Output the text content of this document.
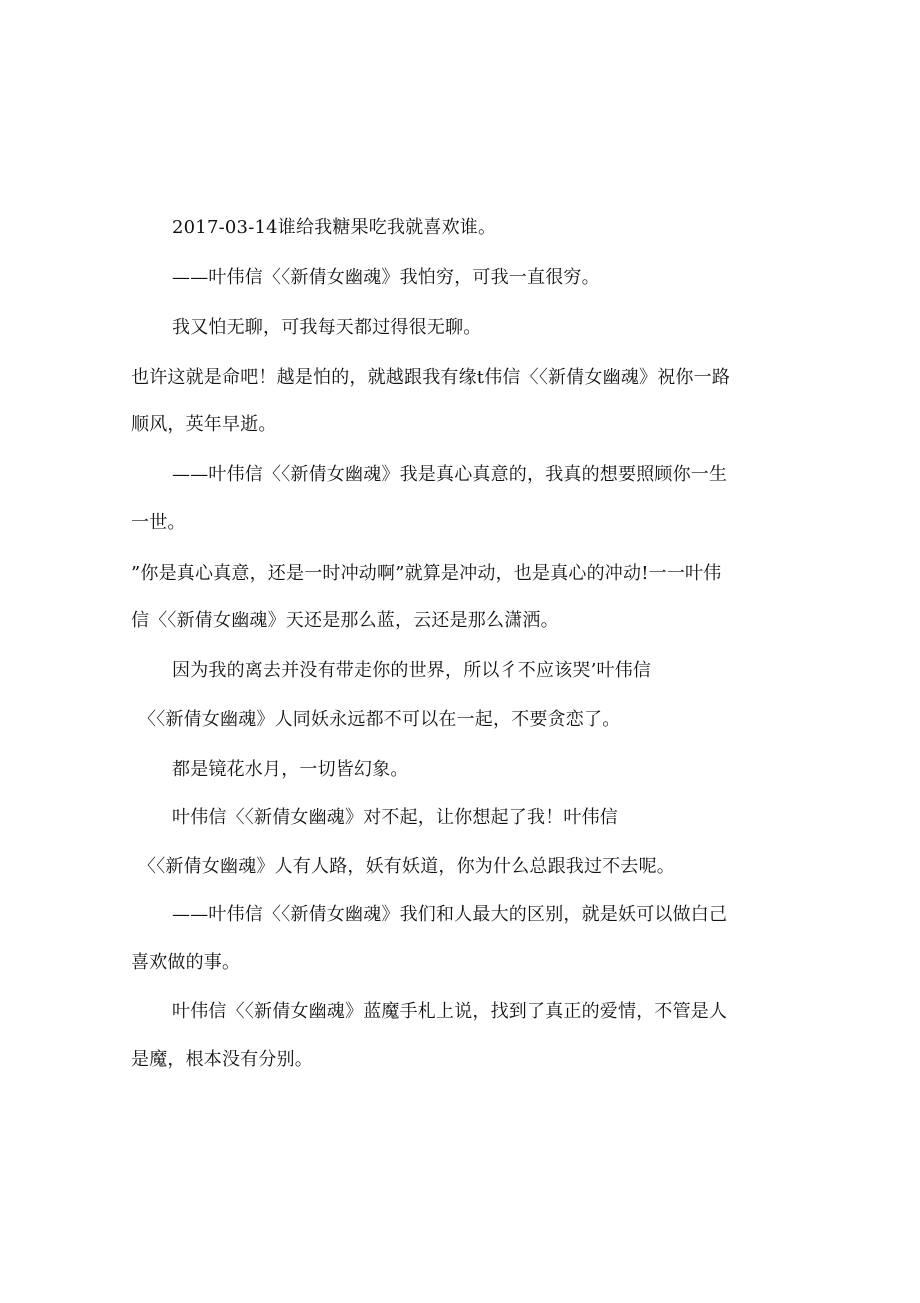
2017-03-14谁给我糖果吃我就喜欢谁。
——叶伟信〈〈新倩女幽魂》我怕穷，可我一直很穷。
我又怕无聊，可我每天都过得很无聊。
也许这就是命吧！越是怕的，就越跟我有缘t伟信〈〈新倩女幽魂》祝你一路
顺风，英年早逝。
——叶伟信〈〈新倩女幽魂》我是真心真意的，我真的想要照顾你一生
一世。
”你是真心真意，还是一时冲动啊”就算是冲动，也是真心的冲动!一一叶伟
信〈〈新倩女幽魂》天还是那么蓝，云还是那么潇洒。
因为我的离去并没有带走你的世界，所以彳不应该哭’叶伟信
〈〈新倩女幽魂》人同妖永远都不可以在一起，不要贪恋了。
都是镜花水月，一切皆幻象。
叶伟信〈〈新倩女幽魂》对不起，让你想起了我！叶伟信
〈〈新倩女幽魂》人有人路，妖有妖道，你为什么总跟我过不去呢。
——叶伟信〈〈新倩女幽魂》我们和人最大的区别，就是妖可以做白己
喜欢做的事。
叶伟信〈〈新倩女幽魂》蓝魔手札上说，找到了真正的爱情，不管是人
是魔，根本没有分别。
